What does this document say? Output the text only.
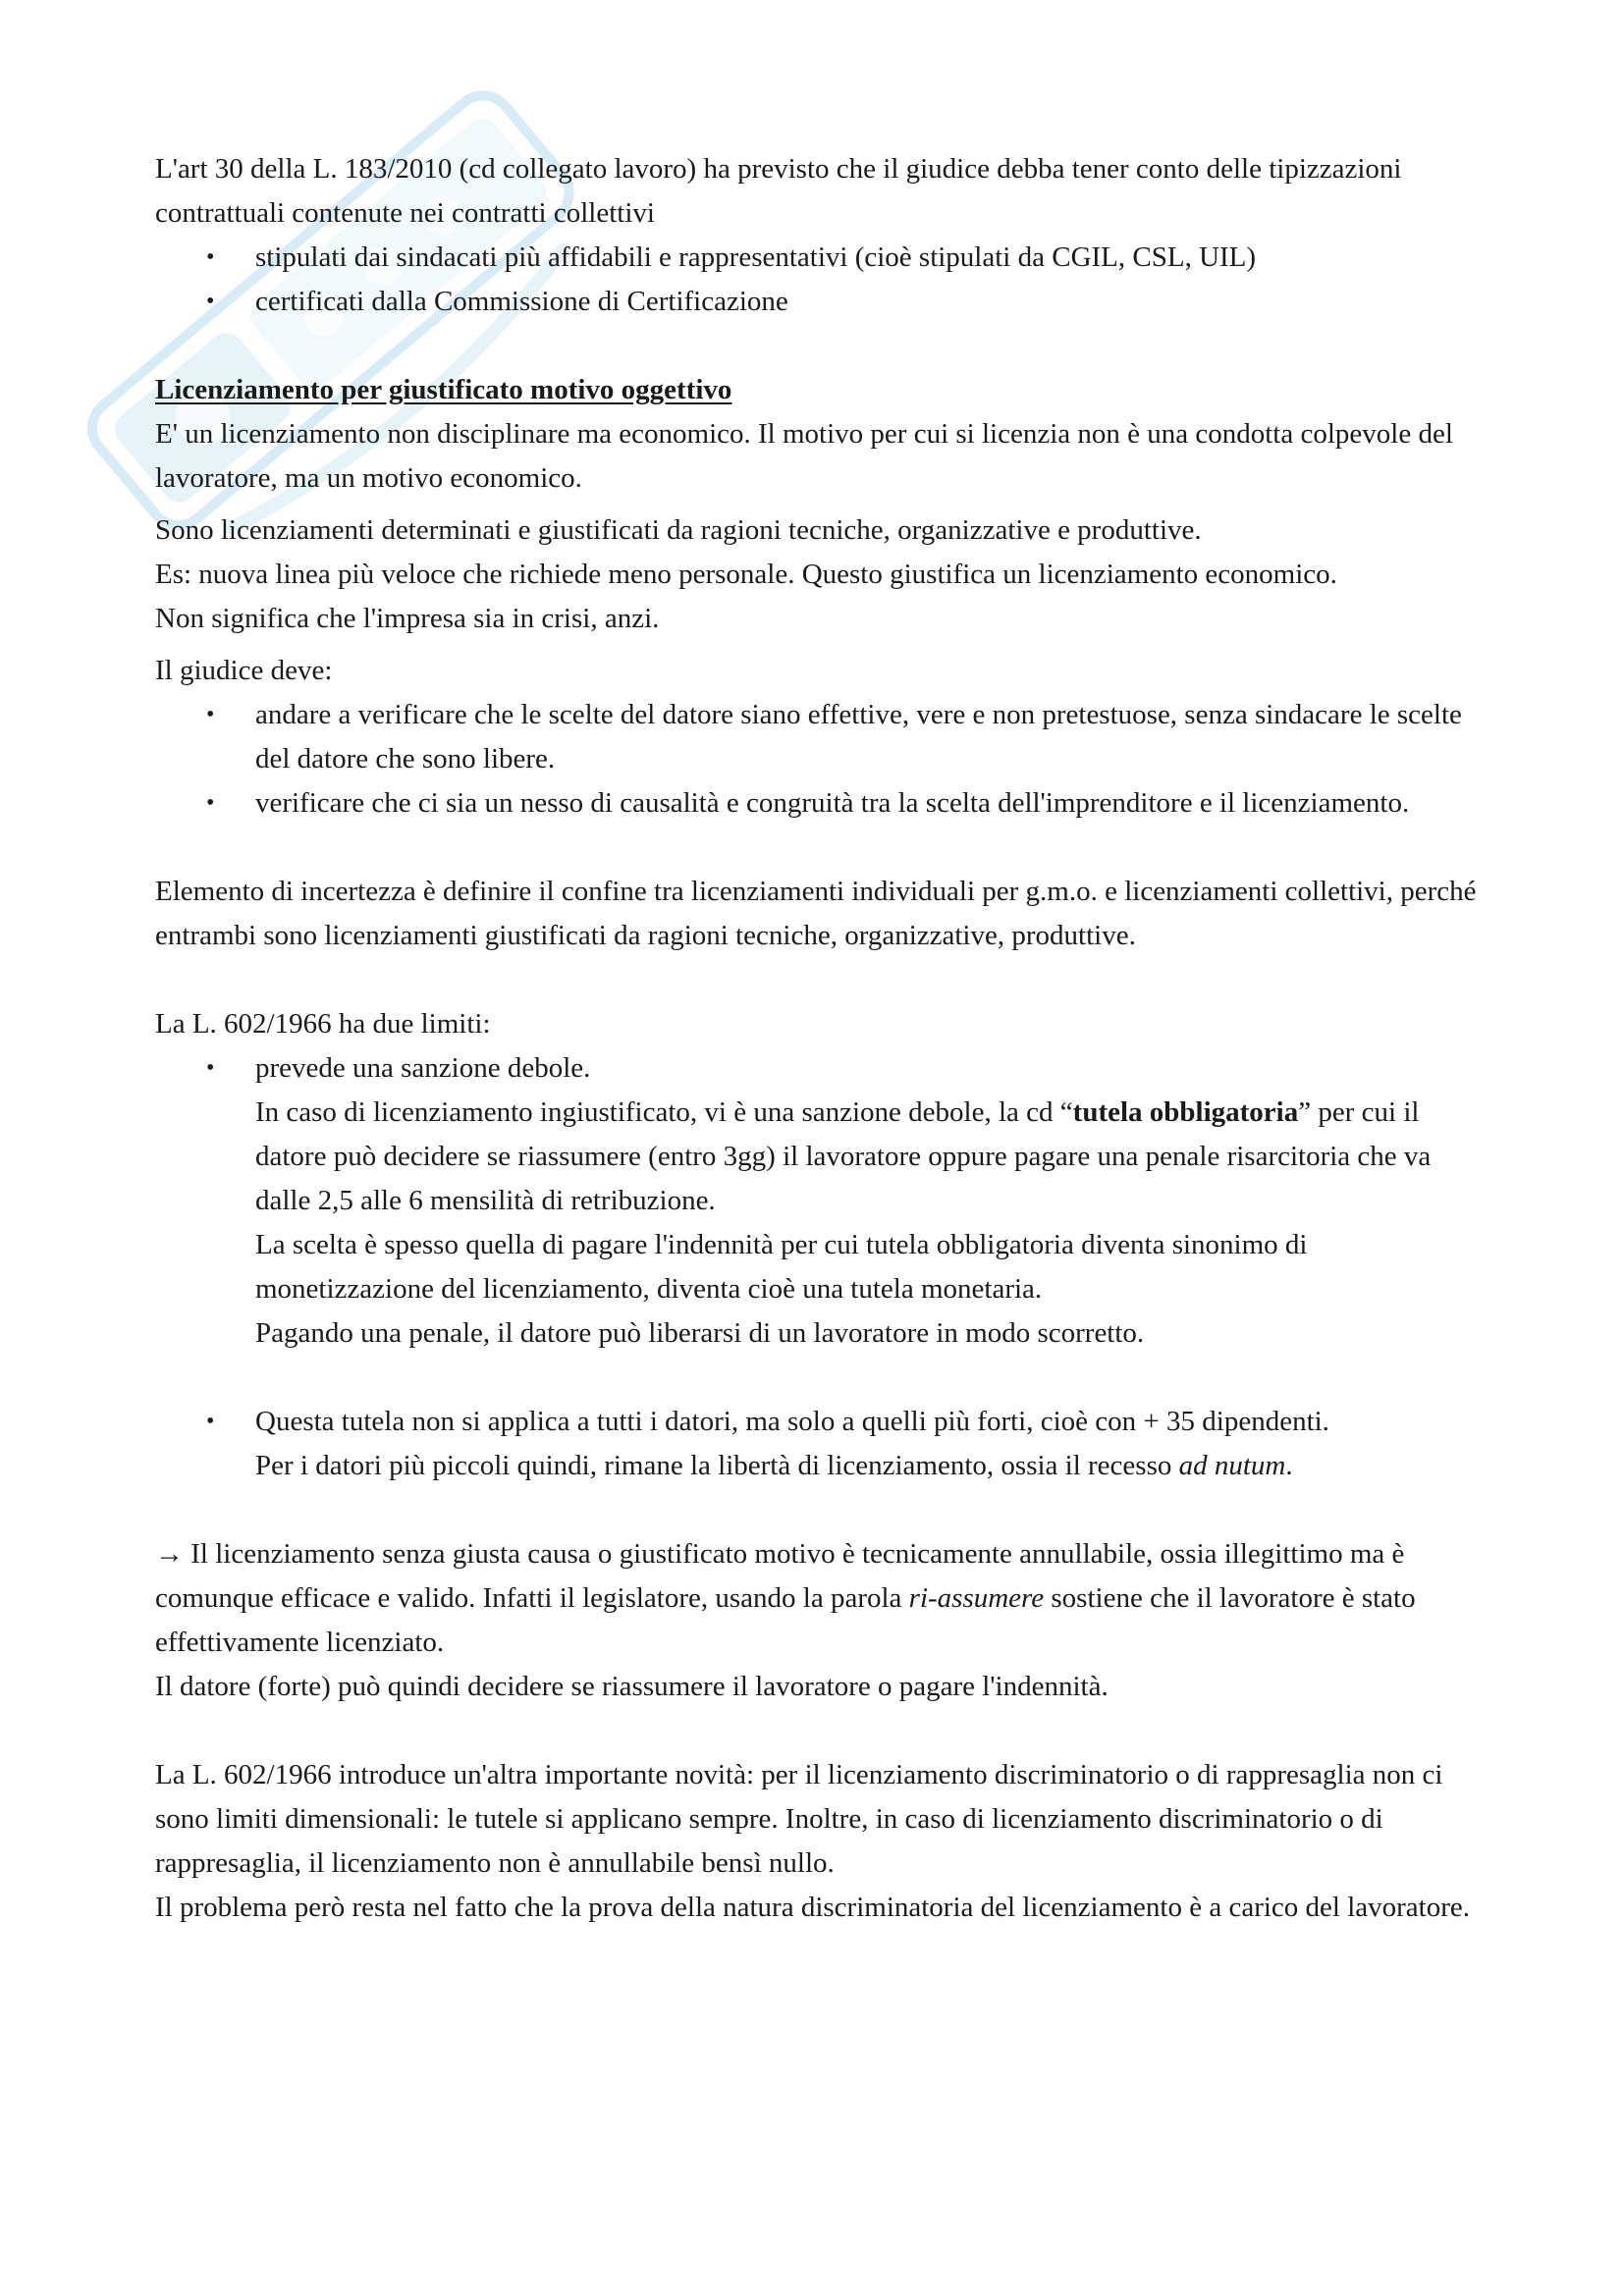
L'art 30 della L. 183/2010 (cd collegato lavoro) ha previsto che il giudice debba tener conto delle tipizzazioni contrattuali contenute nei contratti collettivi

• stipulati dai sindacati più affidabili e rappresentativi (cioè stipulati da CGIL, CSL, UIL)
• certificati dalla Commissione di Certificazione

Licenziamento per giustificato motivo oggettivo

E' un licenziamento non disciplinare ma economico. Il motivo per cui si licenzia non è una condotta colpevole del lavoratore, ma un motivo economico.

Sono licenziamenti determinati e giustificati da ragioni tecniche, organizzative e produttive.

Es: nuova linea più veloce che richiede meno personale. Questo giustifica un licenziamento economico.

Non significa che l'impresa sia in crisi, anzi.

Il giudice deve:

• andare a verificare che le scelte del datore siano effettive, vere e non pretestuose, senza sindacare le scelte del datore che sono libere.
• verificare che ci sia un nesso di causalità e congruità tra la scelta dell'imprenditore e il licenziamento.

Elemento di incertezza è definire il confine tra licenziamenti individuali per g.m.o. e licenziamenti collettivi, perché entrambi sono licenziamenti giustificati da ragioni tecniche, organizzative, produttive.

La L. 602/1966 ha due limiti:

• prevede una sanzione debole.
In caso di licenziamento ingiustificato, vi è una sanzione debole, la cd “tutela obbligatoria” per cui il datore può decidere se riassumere (entro 3gg) il lavoratore oppure pagare una penale risarcitoria che va dalle 2,5 alle 6 mensilità di retribuzione.
La scelta è spesso quella di pagare l'indennità per cui tutela obbligatoria diventa sinonimo di monetizzazione del licenziamento, diventa cioè una tutela monetaria.
Pagando una penale, il datore può liberarsi di un lavoratore in modo scorretto.
• Questa tutela non si applica a tutti i datori, ma solo a quelli più forti, cioè con + 35 dipendenti.
Per i datori più piccoli quindi, rimane la libertà di licenziamento, ossia il recesso ad nutum.

→ Il licenziamento senza giusta causa o giustificato motivo è tecnicamente annullabile, ossia illegittimo ma è comunque efficace e valido. Infatti il legislatore, usando la parola ri-assumere sostiene che il lavoratore è stato effettivamente licenziato.

Il datore (forte) può quindi decidere se riassumere il lavoratore o pagare l'indennità.

La L. 602/1966 introduce un'altra importante novità: per il licenziamento discriminatorio o di rappresaglia non ci sono limiti dimensionali: le tutele si applicano sempre. Inoltre, in caso di licenziamento discriminatorio o di rappresaglia, il licenziamento non è annullabile bensì nullo.

Il problema però resta nel fatto che la prova della natura discriminatoria del licenziamento è a carico del lavoratore.
